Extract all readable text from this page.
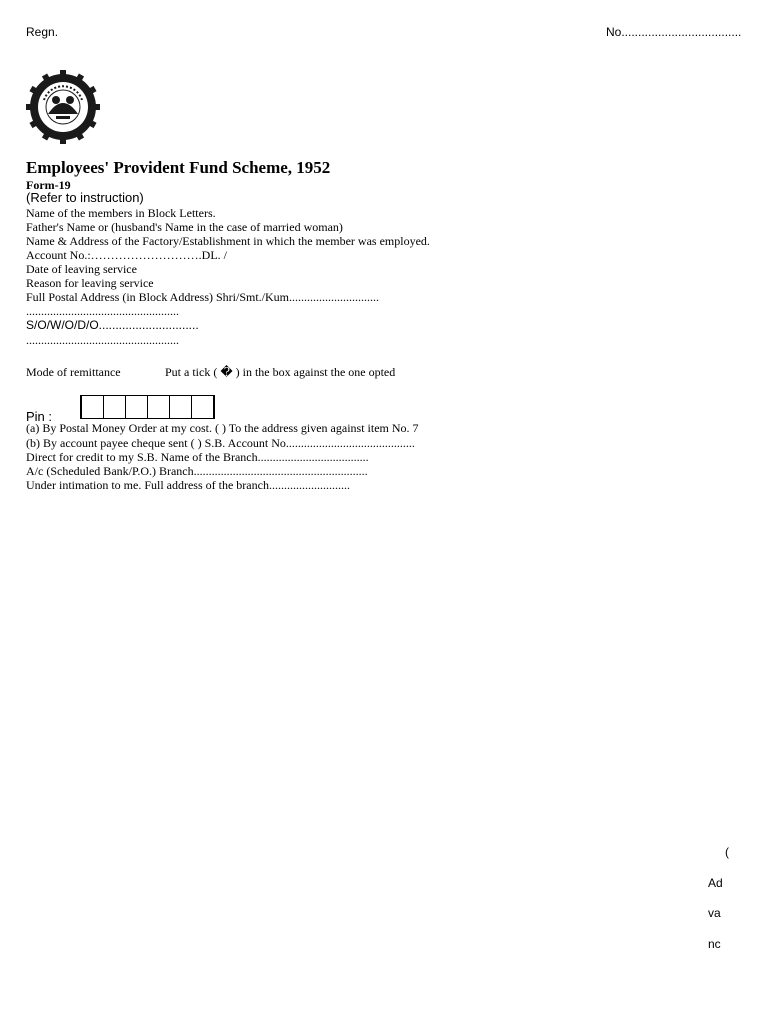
Regn.	No....................................
Employees' Provident Fund Scheme, 1952
Form-19
(Refer to instruction)
Name of the members in Block Letters.
Father's Name or (husband's Name in the case of married woman)
Name & Address of the Factory/Establishment in which the member was employed.
Account No.:……………………….DL. /
Date of leaving service
Reason for leaving service
Full Postal Address (in Block Address) Shri/Smt./Kum..............................
...................................................
S/O/W/O/D/O..............................
...................................................
Mode of remittance	Put a tick ( � ) in the box against the one opted
Pin :
(a) By Postal Money Order at my cost. ( ) To the address given against item No. 7
(b) By account payee cheque sent ( ) S.B. Account No...........................................
Direct for credit to my S.B. Name of the Branch.....................................
A/c (Scheduled Bank/P.O.) Branch..........................................................
Under intimation to me. Full address of the branch...........................
(
Ad
va
nc
